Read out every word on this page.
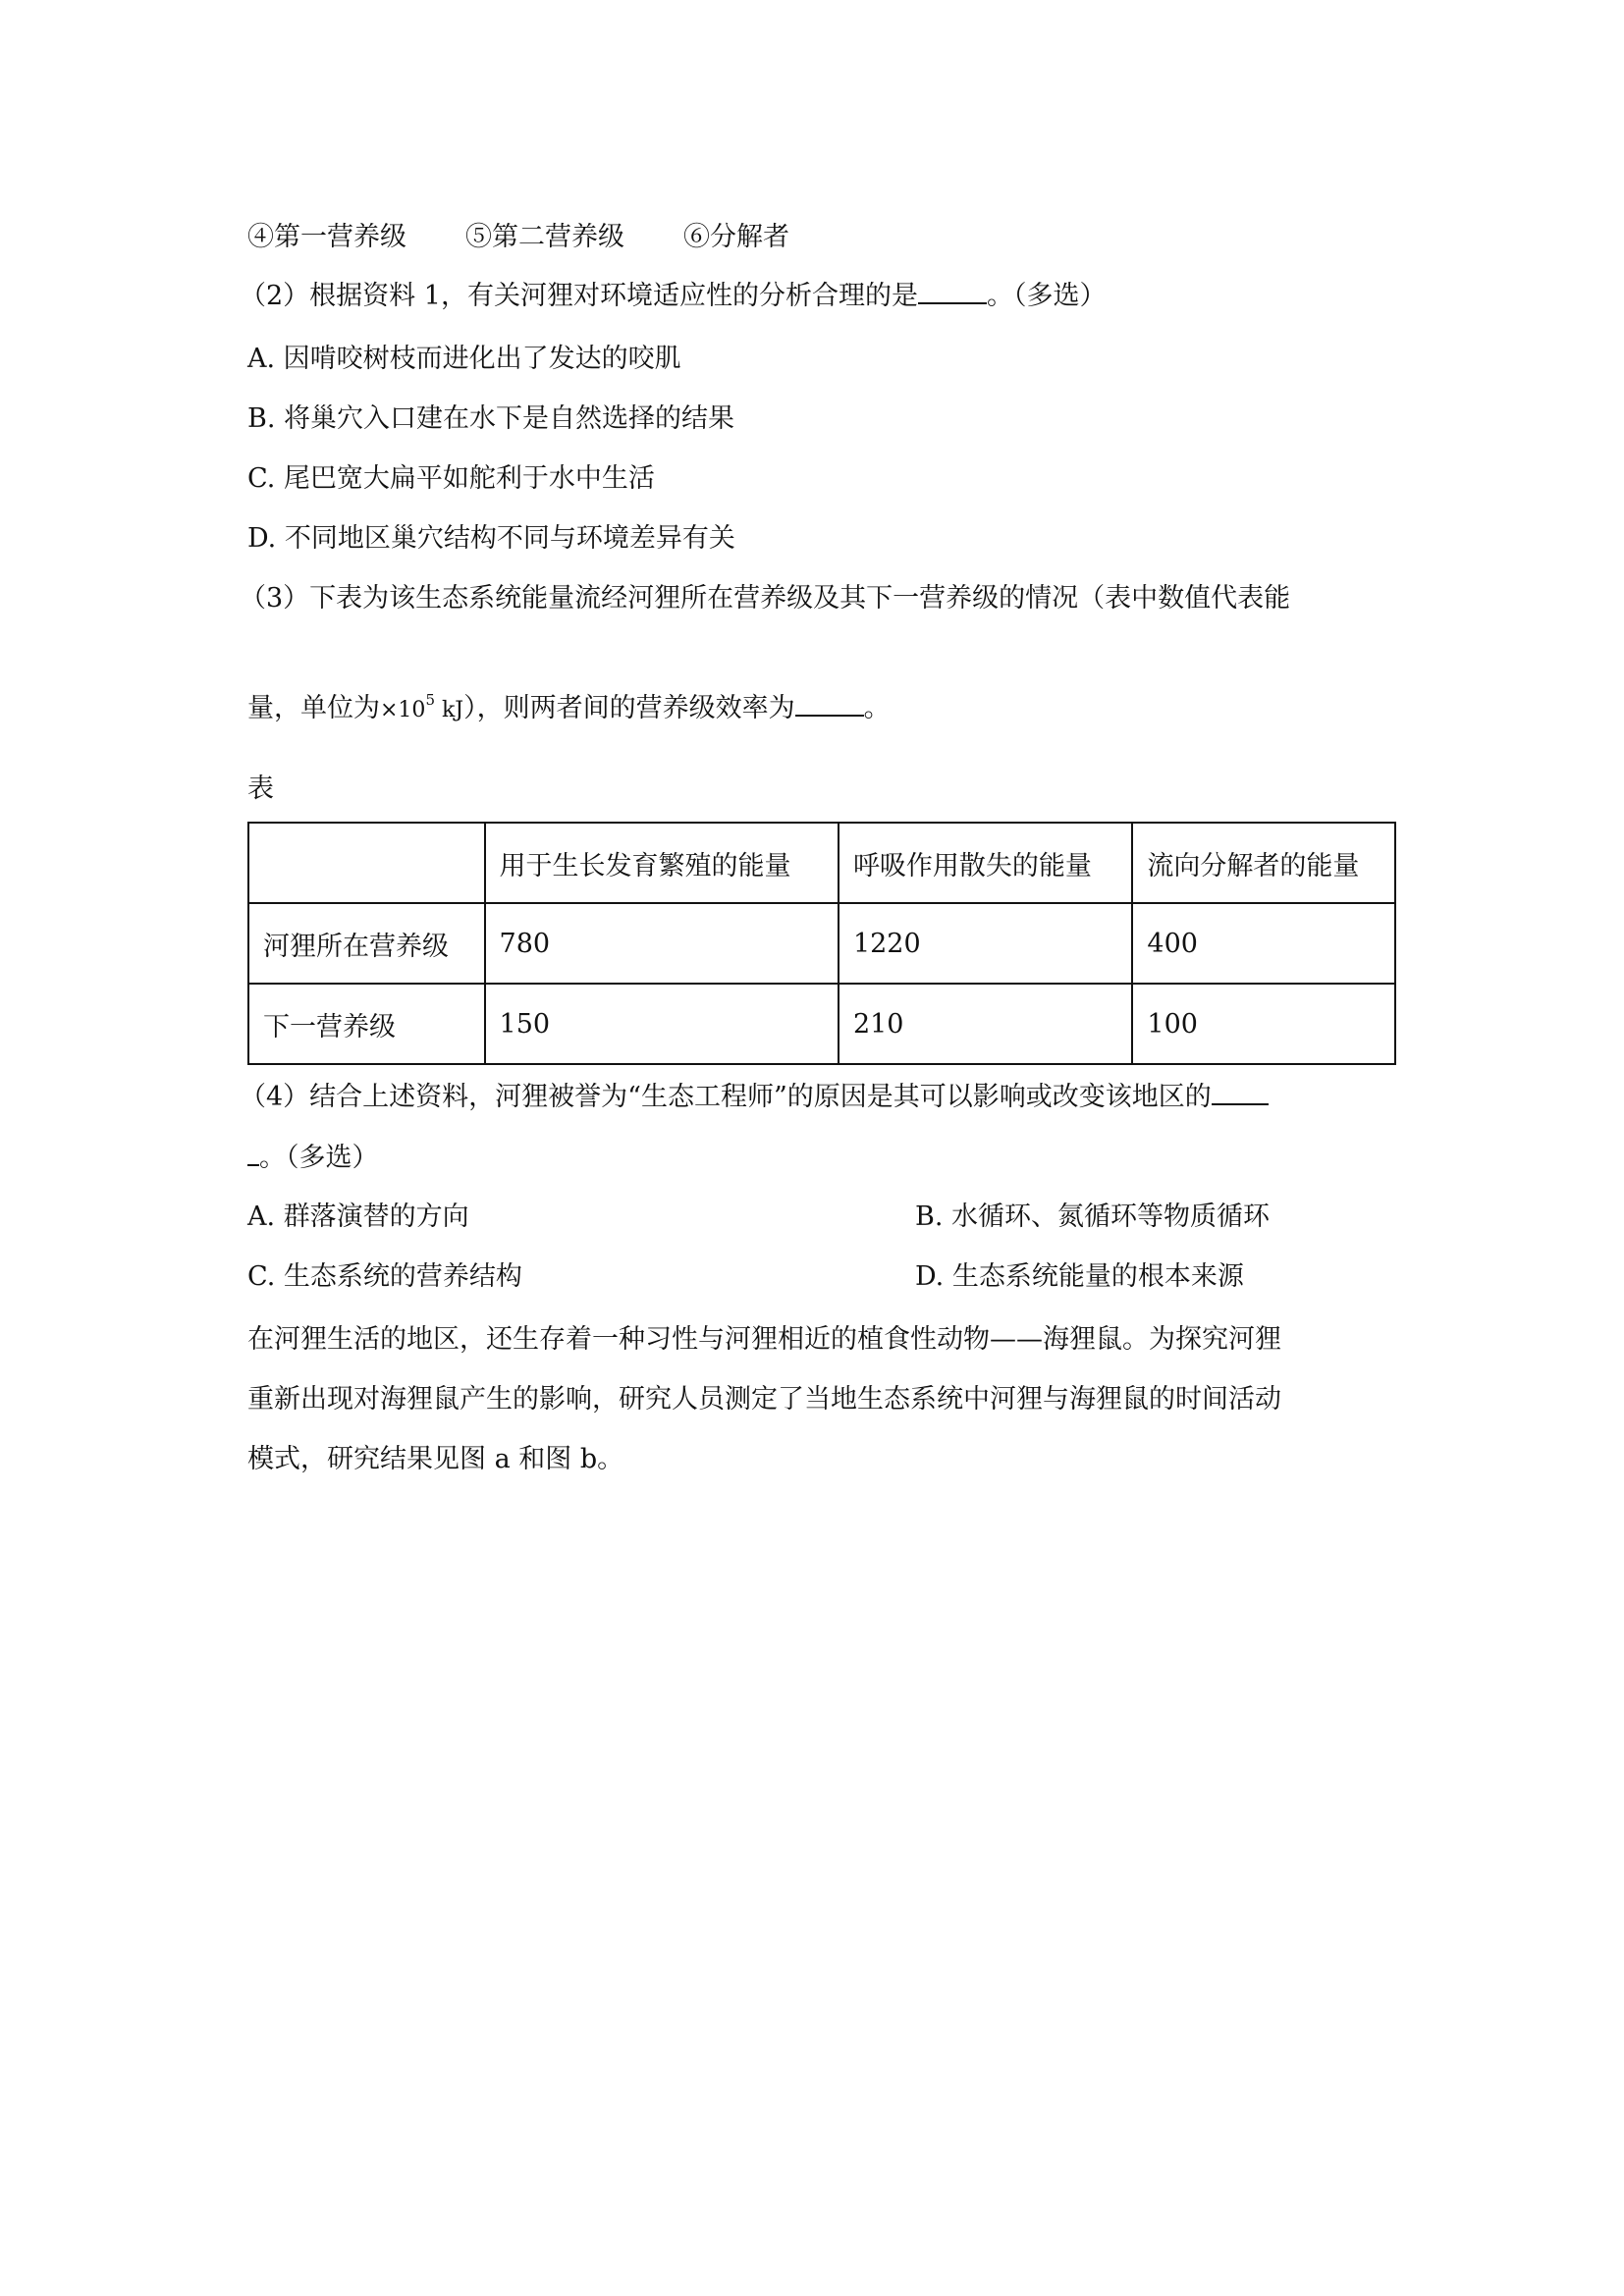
④第一营养级 ⑤第二营养级 ⑥分解者
（2）根据资料 1，有关河狸对环境适应性的分析合理的是	。（多选）
A. 因啃咬树枝而进化出了发达的咬肌
B. 将巢穴入口建在水下是自然选择的结果
C. 尾巴宽大扁平如舵利于水中生活
D. 不同地区巢穴结构不同与环境差异有关
（3）下表为该生态系统能量流经河狸所在营养级及其下一营养级的情况（表中数值代表能
量，单位为$\times 10^5$ kJ），则两者间的营养级效率为	。
表
	用于生长发育繁殖的能量	呼吸作用散失的能量	流向分解者的能量
河狸所在营养级	780	1220	400
下一营养级	150	210	100
（4）结合上述资料，河狸被誉为“生态工程师”的原因是其可以影响或改变该地区的
。（多选）
A. 群落演替的方向	B. 水循环、氮循环等物质循环
C. 生态系统的营养结构	D. 生态系统能量的根本来源
在河狸生活的地区，还生存着一种习性与河狸相近的植食性动物——海狸鼠。为探究河狸
重新出现对海狸鼠产生的影响，研究人员测定了当地生态系统中河狸与海狸鼠的时间活动
模式，研究结果见图 a 和图 b。
